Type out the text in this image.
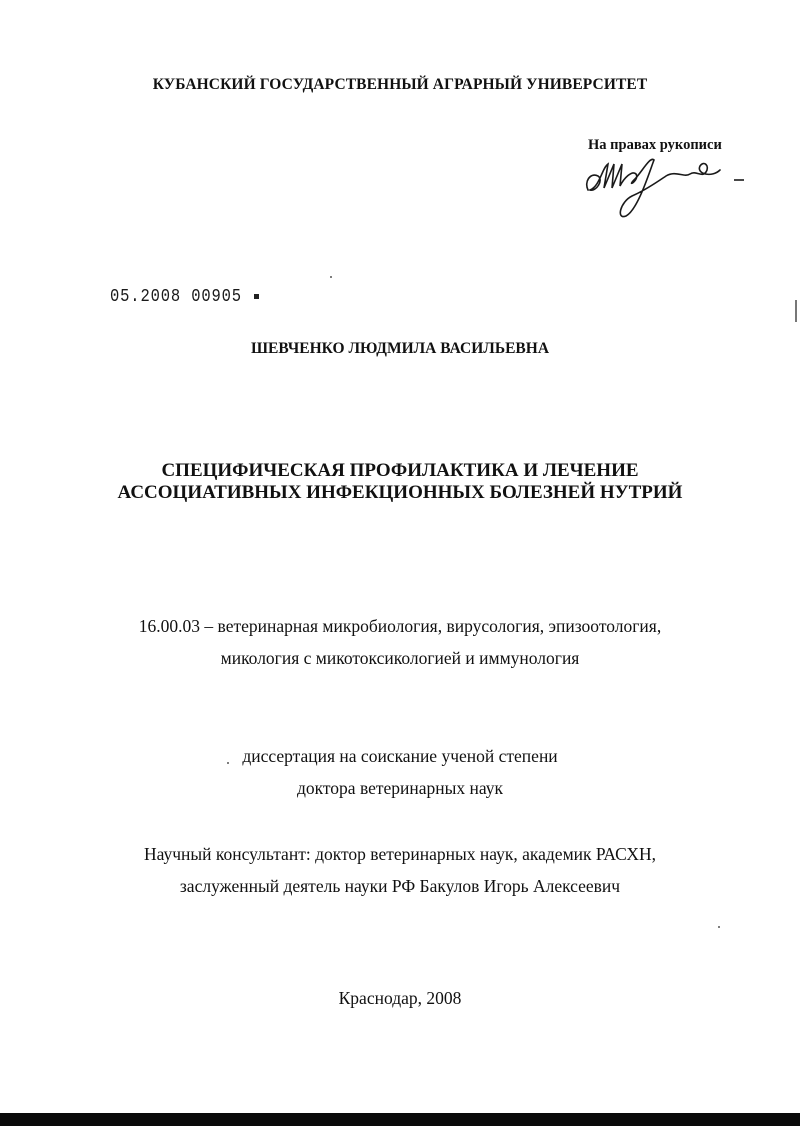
КУБАНСКИЙ ГОСУДАРСТВЕННЫЙ АГРАРНЫЙ УНИВЕРСИТЕТ
На правах рукописи
05.2008 00905
ШЕВЧЕНКО ЛЮДМИЛА ВАСИЛЬЕВНА
СПЕЦИФИЧЕСКАЯ ПРОФИЛАКТИКА И ЛЕЧЕНИЕ
АССОЦИАТИВНЫХ ИНФЕКЦИОННЫХ БОЛЕЗНЕЙ НУТРИЙ
16.00.03 – ветеринарная микробиология, вирусология, эпизоотология,
микология с микотоксикологией и иммунология
диссертация на соискание ученой степени
доктора ветеринарных наук
Научный консультант: доктор ветеринарных наук, академик РАСХН,
заслуженный деятель науки РФ Бакулов Игорь Алексеевич
Краснодар, 2008
